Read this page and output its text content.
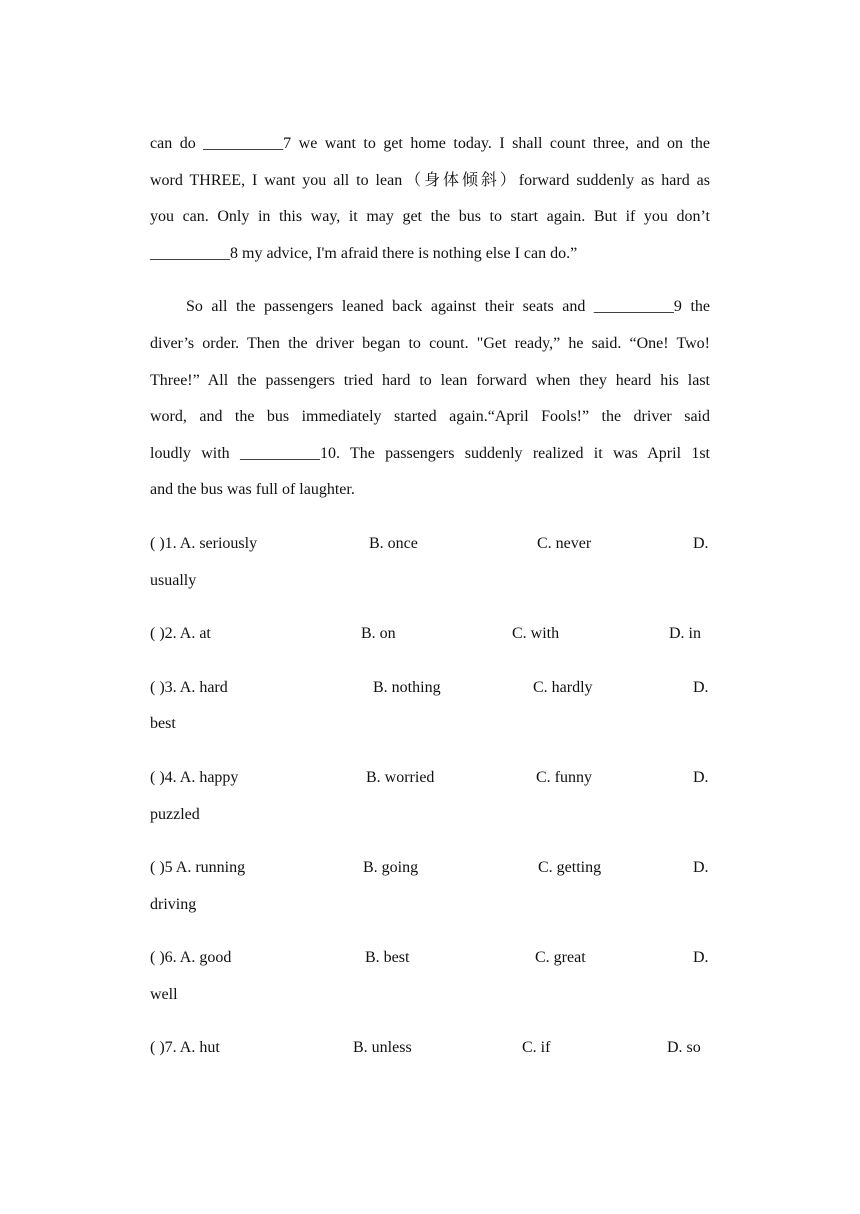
can do __________7 we want to get home today. I shall count three, and on the
word THREE, I want you all to lean（身体倾斜）forward suddenly as hard as
you can. Only in this way, it may get the bus to start again. But if you don’t
__________8 my advice, I'm afraid there is nothing else I can do.”
So all the passengers leaned back against their seats and __________9 the
diver’s order. Then the driver began to count. "Get ready,” he said. “One! Two!
Three!” All the passengers tried hard to lean forward when they heard his last
word, and the bus immediately started again.“April Fools!” the driver said
loudly with __________10. The passengers suddenly realized it was April 1st
and the bus was full of laughter.
( )1. A. seriously	B. once	C. never	D.
usually
( )2. A. at	B. on	C. with	D. in
( )3. A. hard	B. nothing	C. hardly	D.
best
( )4. A. happy	B. worried	C. funny	D.
puzzled
( )5 A. running	B. going	C. getting	D.
driving
( )6. A. good	B. best	C. great	D.
well
( )7. A. hut	B. unless	C. if	D. so
